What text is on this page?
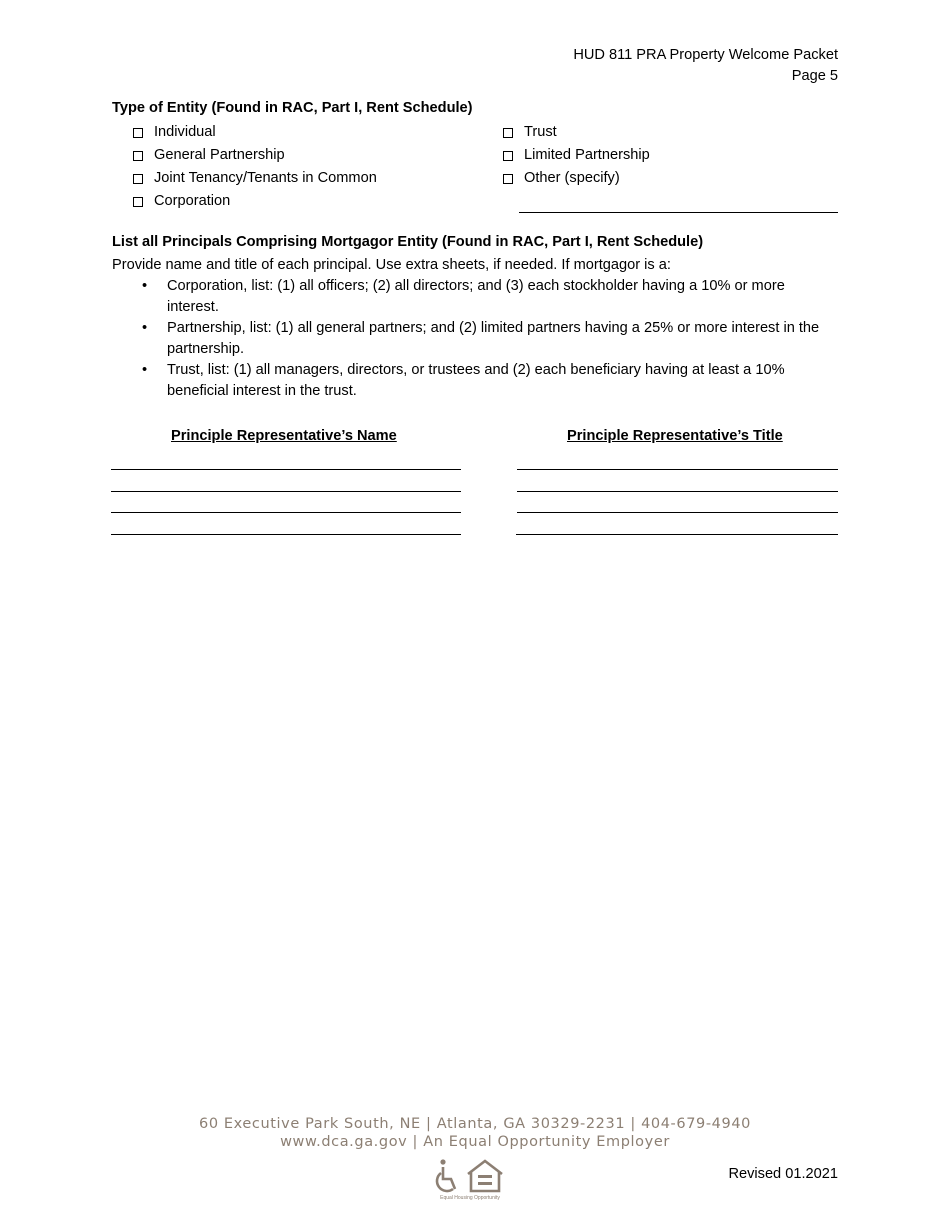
HUD 811 PRA Property Welcome Packet
Page 5
Type of Entity (Found in RAC, Part I, Rent Schedule)
Individual
General Partnership
Joint Tenancy/Tenants in Common
Corporation
Trust
Limited Partnership
Other (specify)
List all Principals Comprising Mortgagor Entity (Found in RAC, Part I, Rent Schedule)
Provide name and title of each principal. Use extra sheets, if needed. If mortgagor is a:
• Corporation, list: (1) all officers; (2) all directors; and (3) each stockholder having a 10% or more interest.
• Partnership, list: (1) all general partners; and (2) limited partners having a 25% or more interest in the partnership.
• Trust, list: (1) all managers, directors, or trustees and (2) each beneficiary having at least a 10% beneficial interest in the trust.
Principle Representative’s Name	Principle Representative’s Title
60 Executive Park South, NE | Atlanta, GA 30329-2231 | 404-679-4940
www.dca.ga.gov | An Equal Opportunity Employer
Equal Housing Opportunity
Revised 01.2021
